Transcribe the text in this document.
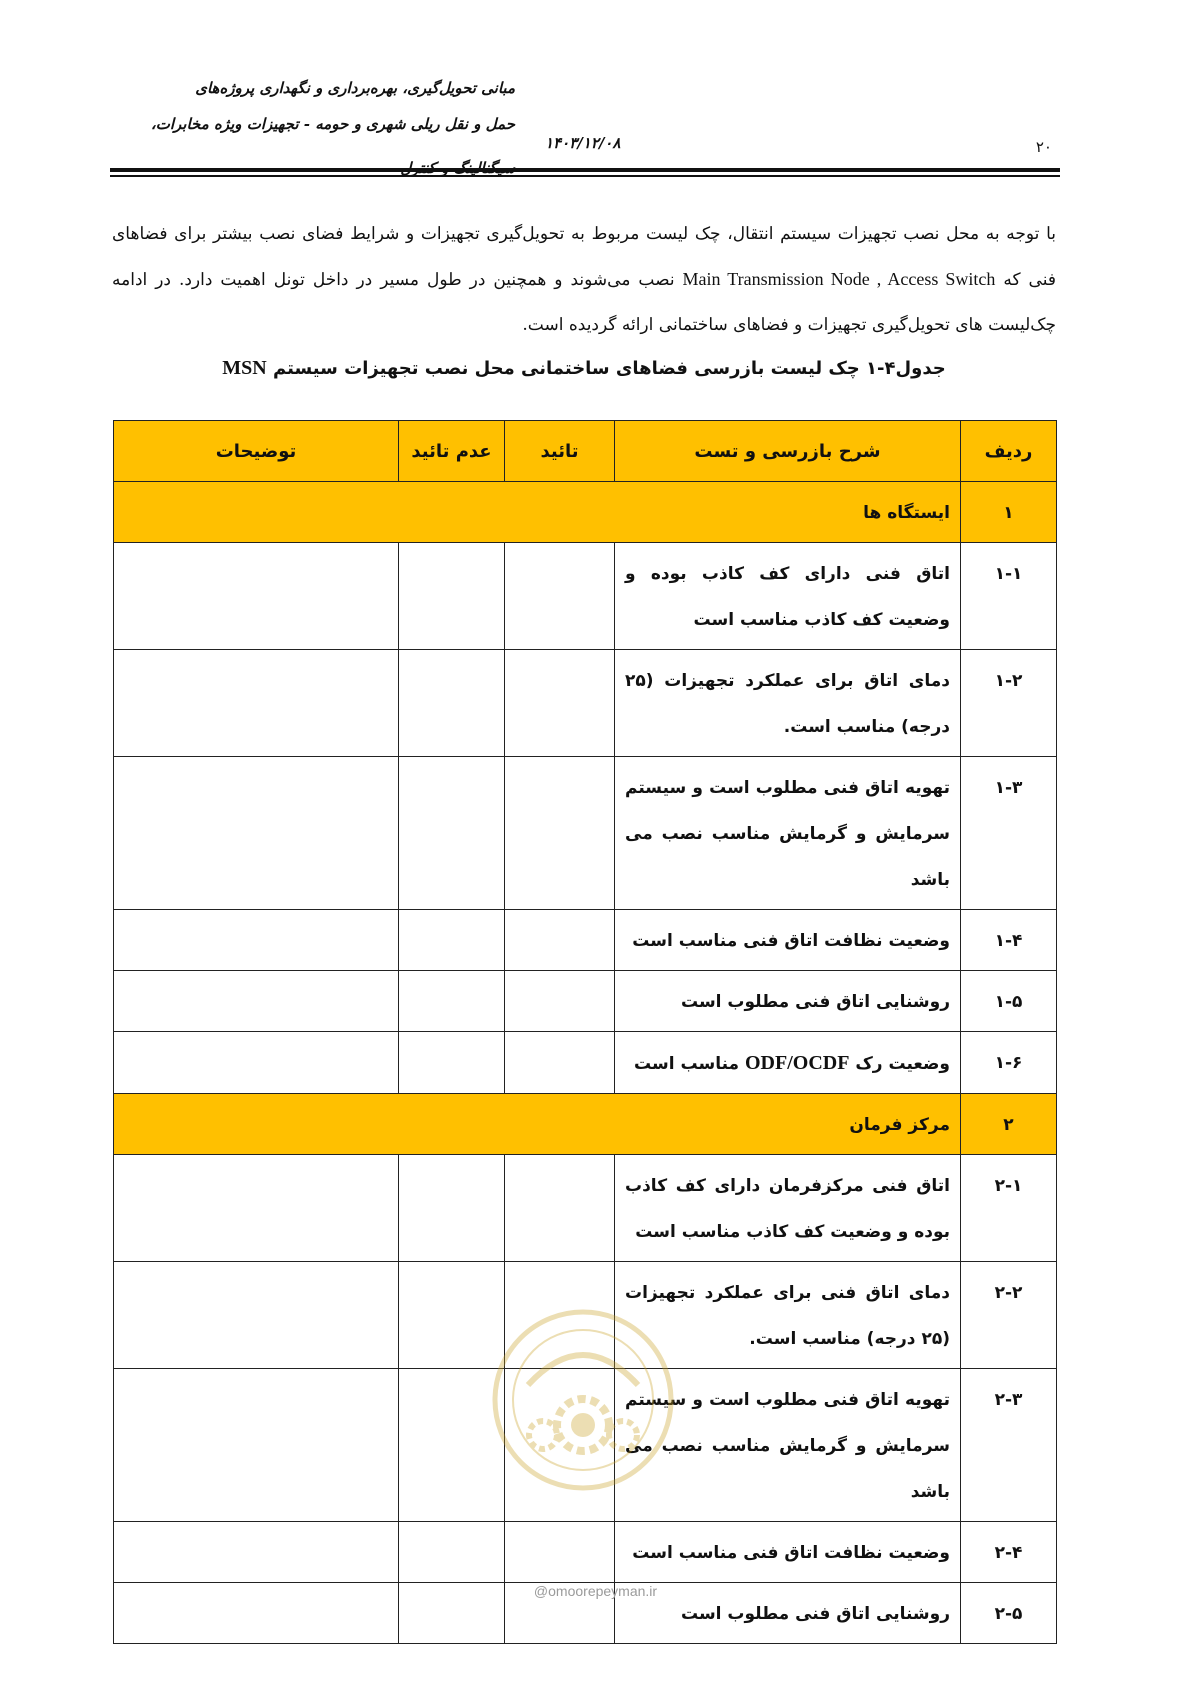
مبانی تحویل‌گیری، بهره‌برداری و نگهداری پروژه‌های
حمل و نقل ریلی شهری و حومه - تجهیزات ویژه مخابرات،
۱۴۰۳/۱۲/۰۸	۲۰
با توجه به محل نصب تجهیزات سیستم انتقال، چک لیست مربوط به تحویل‌گیری تجهیزات و شرایط فضای نصب بیشتر برای فضاهای فنی که Main Transmission Node , Access Switch نصب می‌شوند و همچنین در طول مسیر در داخل تونل اهمیت دارد. در ادامه چک‌لیست های تحویل‌گیری تجهیزات و فضاهای ساختمانی ارائه گردیده است.
جدول۴-۱ چک لیست بازرسی فضاهای ساختمانی محل نصب تجهیزات سیستم MSN
ردیف	شرح بازرسی و تست	تائید	عدم تائید	توضیحات
۱	ایستگاه ها			
۱-۱	اتاق فنی دارای کف کاذب بوده و وضعیت کف کاذب مناسب است			
۱-۲	دمای اتاق برای عملکرد تجهیزات (۲۵ درجه) مناسب است.			
۱-۳	تهویه اتاق فنی مطلوب است و سیستم سرمایش و گرمایش مناسب نصب می باشد			
۱-۴	وضعیت نظافت اتاق فنی مناسب است			
۱-۵	روشنایی اتاق فنی مطلوب است			
۱-۶	وضعیت رک ODF/OCDF مناسب است			
۲	مرکز فرمان			
۲-۱	اتاق فنی مرکزفرمان دارای کف کاذب بوده و وضعیت کف کاذب مناسب است			
۲-۲	دمای اتاق فنی برای عملکرد تجهیزات (۲۵ درجه) مناسب است.			
۲-۳	تهویه اتاق فنی مطلوب است و سیستم سرمایش و گرمایش مناسب نصب می باشد			
۲-۴	وضعیت نظافت اتاق فنی مناسب است			
۲-۵	روشنایی اتاق فنی مطلوب است			
@omoorepeyman.ir
